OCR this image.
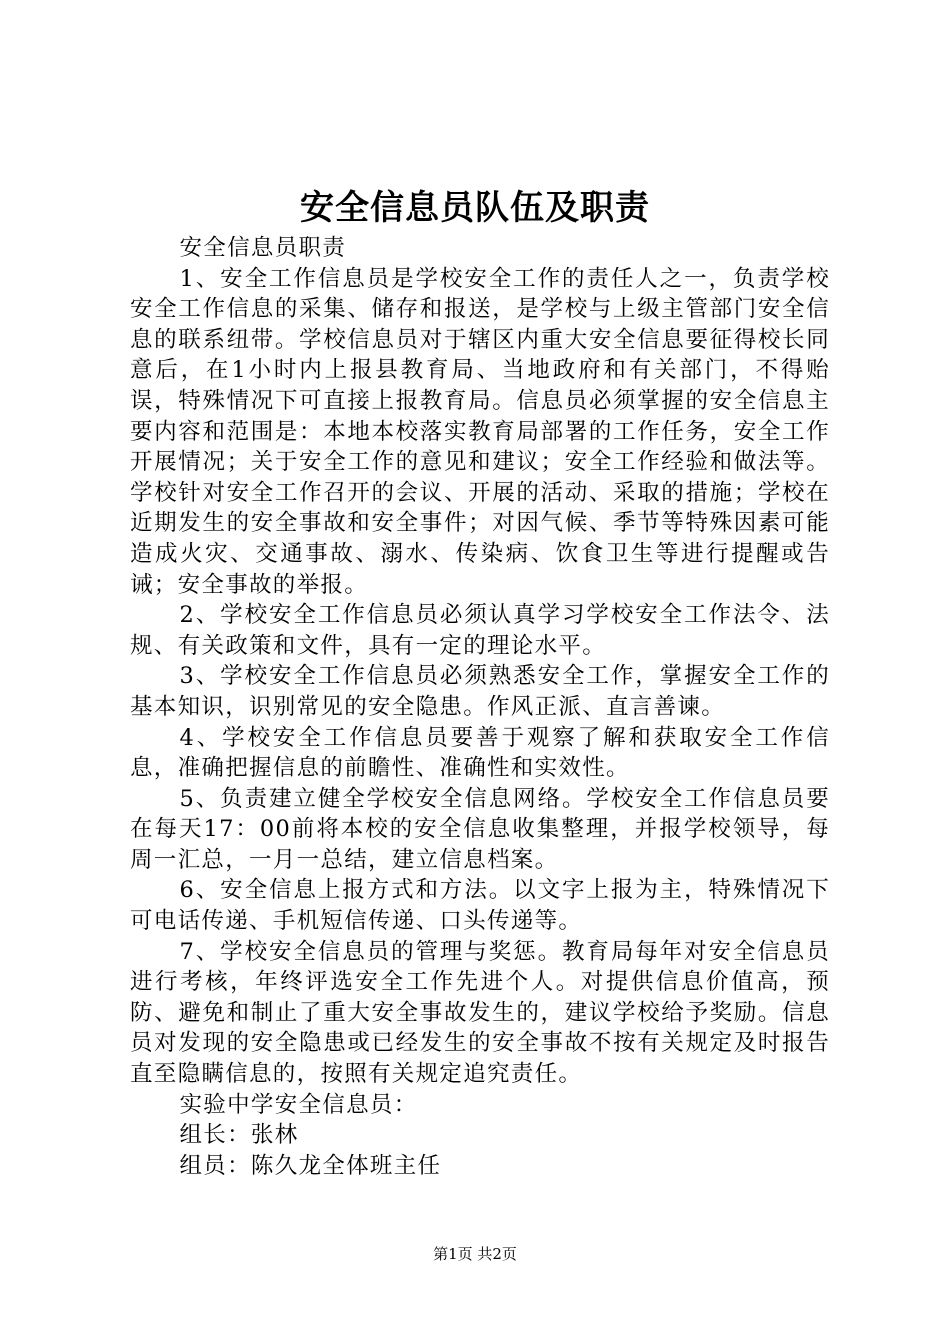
安全信息员队伍及职责

安全信息员职责

1、安全工作信息员是学校安全工作的责任人之一，负责学校安全工作信息的采集、储存和报送，是学校与上级主管部门安全信息的联系纽带。学校信息员对于辖区内重大安全信息要征得校长同意后，在1小时内上报县教育局、当地政府和有关部门，不得贻误，特殊情况下可直接上报教育局。信息员必须掌握的安全信息主要内容和范围是：本地本校落实教育局部署的工作任务，安全工作开展情况；关于安全工作的意见和建议；安全工作经验和做法等。学校针对安全工作召开的会议、开展的活动、采取的措施；学校在近期发生的安全事故和安全事件；对因气候、季节等特殊因素可能造成火灾、交通事故、溺水、传染病、饮食卫生等进行提醒或告诫；安全事故的举报。

2、学校安全工作信息员必须认真学习学校安全工作法令、法规、有关政策和文件，具有一定的理论水平。

3、学校安全工作信息员必须熟悉安全工作，掌握安全工作的基本知识，识别常见的安全隐患。作风正派、直言善谏。

4、学校安全工作信息员要善于观察了解和获取安全工作信息，准确把握信息的前瞻性、准确性和实效性。

5、负责建立健全学校安全信息网络。学校安全工作信息员要在每天17：00前将本校的安全信息收集整理，并报学校领导，每周一汇总，一月一总结，建立信息档案。

6、安全信息上报方式和方法。以文字上报为主，特殊情况下可电话传递、手机短信传递、口头传递等。

7、学校安全信息员的管理与奖惩。教育局每年对安全信息员进行考核，年终评选安全工作先进个人。对提供信息价值高，预防、避免和制止了重大安全事故发生的，建议学校给予奖励。信息员对发现的安全隐患或已经发生的安全事故不按有关规定及时报告直至隐瞒信息的，按照有关规定追究责任。

实验中学安全信息员：

组长：张林

组员：陈久龙全体班主任

第1页 共2页
